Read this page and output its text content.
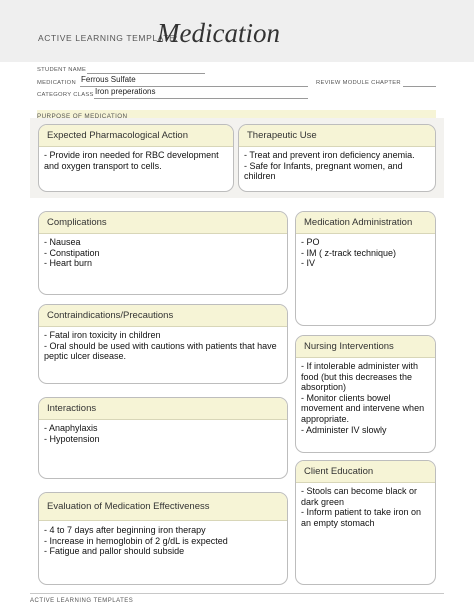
ACTIVE LEARNING TEMPLATE:
Medication
STUDENT NAME
MEDICATION Ferrous Sulfate	REVIEW MODULE CHAPTER
CATEGORY CLASS Iron preperations
PURPOSE OF MEDICATION
Expected Pharmacological Action
- Provide iron needed for RBC development
and oxygen transport to cells.
Therapeutic Use
- Treat and prevent iron deficiency anemia.
- Safe for Infants, pregnant women, and
children
Complications
- Nausea
- Constipation
- Heart burn
Medication Administration
- PO
- IM ( z-track technique)
- IV
Contraindications/Precautions
- Fatal iron toxicity in children
- Oral should be used with cautions with patients that have
peptic ulcer disease.
Nursing Interventions
- If intolerable administer with
food (but this decreases the
absorption)
- Monitor clients bowel
movement and intervene when
appropriate.
- Administer IV slowly
Interactions
- Anaphylaxis
- Hypotension
Client Education
- Stools can become black or
dark green
- Inform patient to take iron on
an empty stomach
Evaluation of Medication Effectiveness
- 4 to 7 days after beginning iron therapy
- Increase in hemoglobin of 2 g/dL is expected
- Fatigue and pallor should subside
ACTIVE LEARNING TEMPLATES
